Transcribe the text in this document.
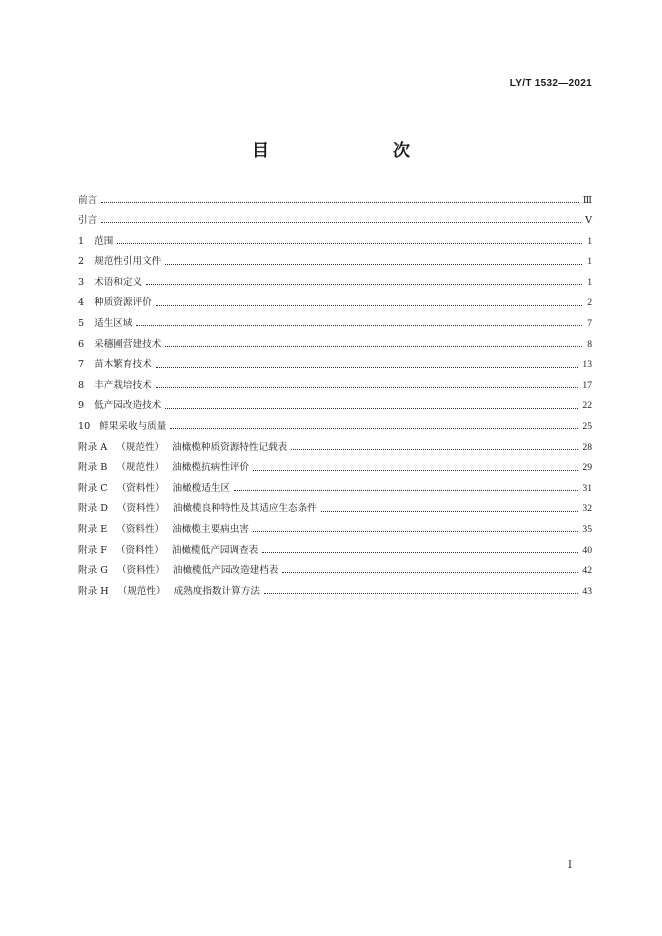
LY/T 1532—2021
目　　次
前言	Ⅲ
引言	Ⅴ
1 范围	1
2 规范性引用文件	1
3 术语和定义	1
4 种质资源评价	2
5 适生区域	7
6 采穗圃营建技术	8
7 苗木繁育技术	13
8 丰产栽培技术	17
9 低产园改造技术	22
10 鲜果采收与质量	25
附录 A （规范性） 油橄榄种质资源特性记载表	28
附录 B （规范性） 油橄榄抗病性评价	29
附录 C （资料性） 油橄榄适生区	31
附录 D （资料性） 油橄榄良种特性及其适应生态条件	32
附录 E （资料性） 油橄榄主要病虫害	35
附录 F （资料性） 油橄榄低产园调查表	40
附录 G （资料性） 油橄榄低产园改造建档表	42
附录 H （规范性） 成熟度指数计算方法	43
Ⅰ
